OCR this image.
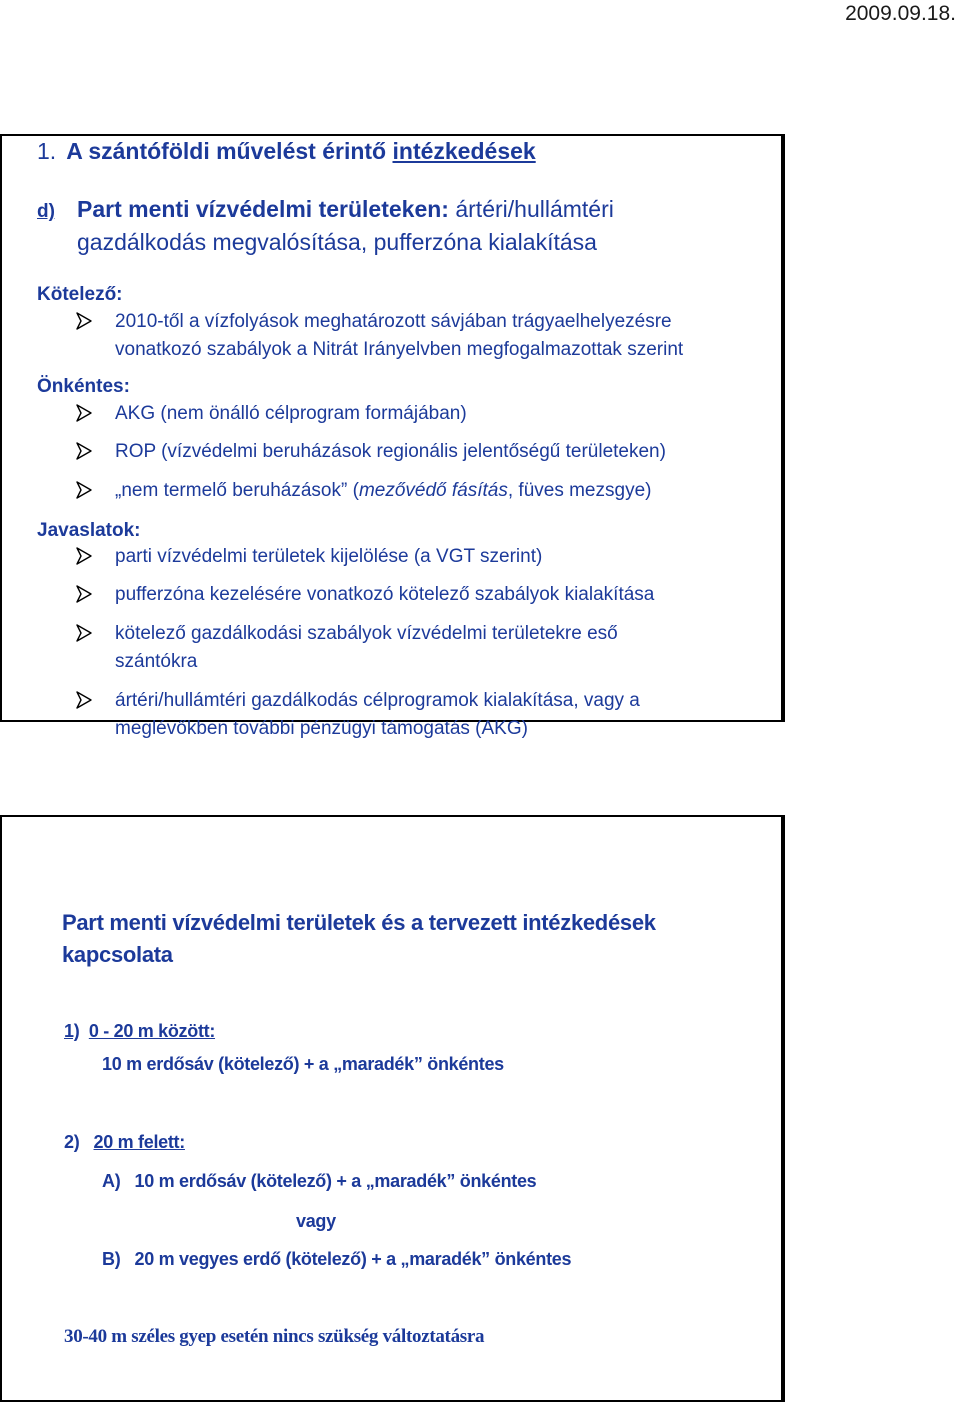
2009.09.18.
1. A szántóföldi művelést érintő intézkedések
d) Part menti vízvédelmi területeken: ártéri/hullámtéri
gazdálkodás megvalósítása, pufferzóna kialakítása
Kötelező:
2010-től a vízfolyások meghatározott sávjában trágyaelhelyezésre
vonatkozó szabályok a Nitrát Irányelvben megfogalmazottak szerint
Önkéntes:
AKG (nem önálló célprogram formájában)
ROP (vízvédelmi beruházások regionális jelentőségű területeken)
„nem termelő beruházások” (mezővédő fásítás, füves mezsgye)
Javaslatok:
parti vízvédelmi területek kijelölése (a VGT szerint)
pufferzóna kezelésére vonatkozó kötelező szabályok kialakítása
kötelező gazdálkodási szabályok vízvédelmi területekre eső
szántókra
ártéri/hullámtéri gazdálkodás célprogramok kialakítása, vagy a
meglévőkben további pénzügyi támogatás (AKG)
Part menti vízvédelmi területek és a tervezett intézkedések
kapcsolata
1) 0 - 20 m között:
10 m erdősáv (kötelező) + a „maradék” önkéntes
2) 20 m felett:
A) 10 m erdősáv (kötelező) + a „maradék” önkéntes
vagy
B) 20 m vegyes erdő (kötelező) + a „maradék” önkéntes
30-40 m széles gyep esetén nincs szükség változtatásra
